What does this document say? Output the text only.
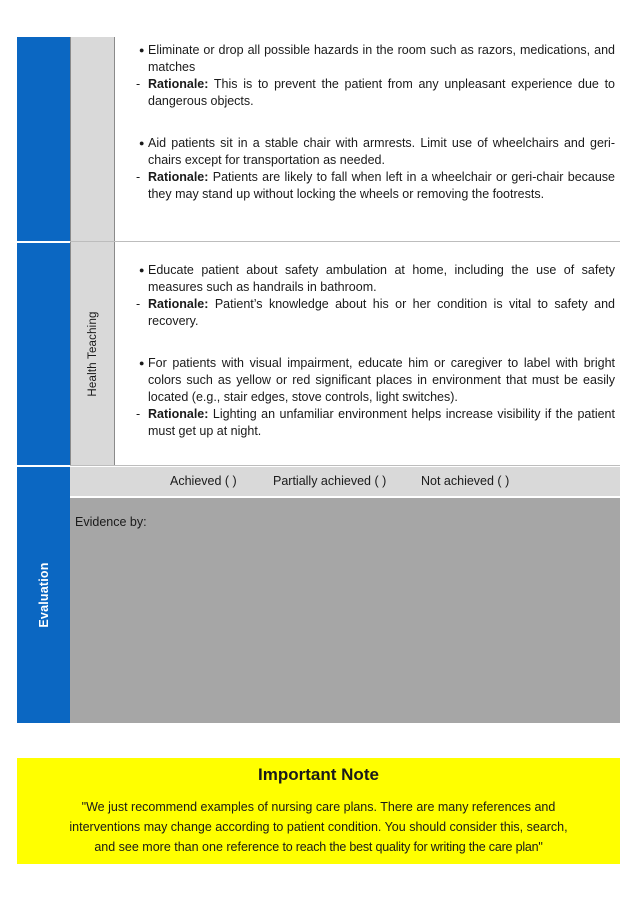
Evaluation
Health Teaching
● Eliminate or drop all possible hazards in the room such as razors, medications, and matches
- Rationale: This is to prevent the patient from any unpleasant experience due to dangerous objects.
● Aid patients sit in a stable chair with armrests. Limit use of wheelchairs and geri-chairs except for transportation as needed.
- Rationale: Patients are likely to fall when left in a wheelchair or geri-chair because they may stand up without locking the wheels or removing the footrests.
● Educate patient about safety ambulation at home, including the use of safety measures such as handrails in bathroom.
- Rationale: Patient’s knowledge about his or her condition is vital to safety and recovery.
● For patients with visual impairment, educate him or caregiver to label with bright colors such as yellow or red significant places in environment that must be easily located (e.g., stair edges, stove controls, light switches).
- Rationale: Lighting an unfamiliar environment helps increase visibility if the patient must get up at night.
Achieved ( )	Partially achieved ( )	Not achieved ( )
Evidence by:
Important Note
"We just recommend examples of nursing care plans. There are many references and
interventions may change according to patient condition. You should consider this, search,
and see more than one reference to reach the best quality for writing the care plan"
